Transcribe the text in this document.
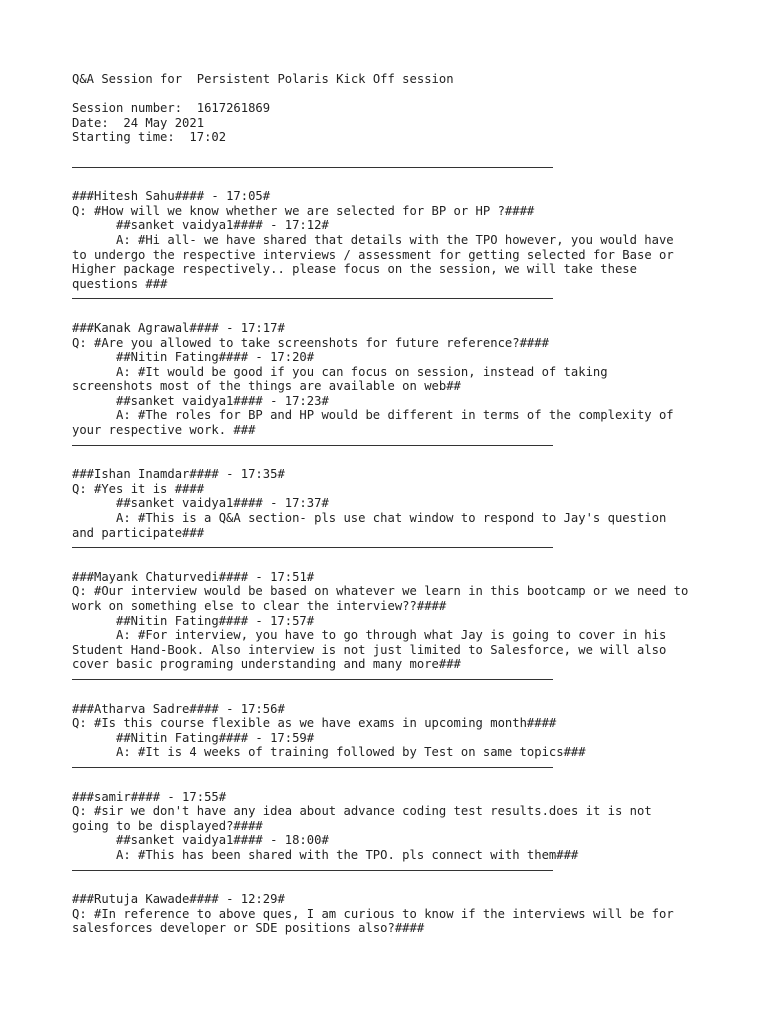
Q&A Session for  Persistent Polaris Kick Off session
Session number:  1617261869
Date:  24 May 2021
Starting time:  17:02
###Hitesh Sahu#### - 17:05#
Q: #How will we know whether we are selected for BP or HP ?####
##sanket vaidya1#### - 17:12#
A: #Hi all- we have shared that details with the TPO however, you would have to undergo the respective interviews / assessment for getting selected for Base or Higher package respectively.. please focus on the session, we will take these questions ###
###Kanak Agrawal#### - 17:17#
Q: #Are you allowed to take screenshots for future reference?####
##Nitin Fating#### - 17:20#
A: #It would be good if you can focus on session, instead of taking screenshots most of the things are available on web##
##sanket vaidya1#### - 17:23#
A: #The roles for BP and HP would be different in terms of the complexity of your respective work. ###
###Ishan Inamdar#### - 17:35#
Q: #Yes it is ####
##sanket vaidya1#### - 17:37#
A: #This is a Q&A section- pls use chat window to respond to Jay's question and participate###
###Mayank Chaturvedi#### - 17:51#
Q: #Our interview would be based on whatever we learn in this bootcamp or we need to work on something else to clear the interview??####
##Nitin Fating#### - 17:57#
A: #For interview, you have to go through what Jay is going to cover in his Student Hand-Book. Also interview is not just limited to Salesforce, we will also cover basic programing understanding and many more###
###Atharva Sadre#### - 17:56#
Q: #Is this course flexible as we have exams in upcoming month####
##Nitin Fating#### - 17:59#
A: #It is 4 weeks of training followed by Test on same topics###
###samir#### - 17:55#
Q: #sir we don't have any idea about advance coding test results.does it is not going to be displayed?####
##sanket vaidya1#### - 18:00#
A: #This has been shared with the TPO. pls connect with them###
###Rutuja Kawade#### - 12:29#
Q: #In reference to above ques, I am curious to know if the interviews will be for salesforces developer or SDE positions also?####
